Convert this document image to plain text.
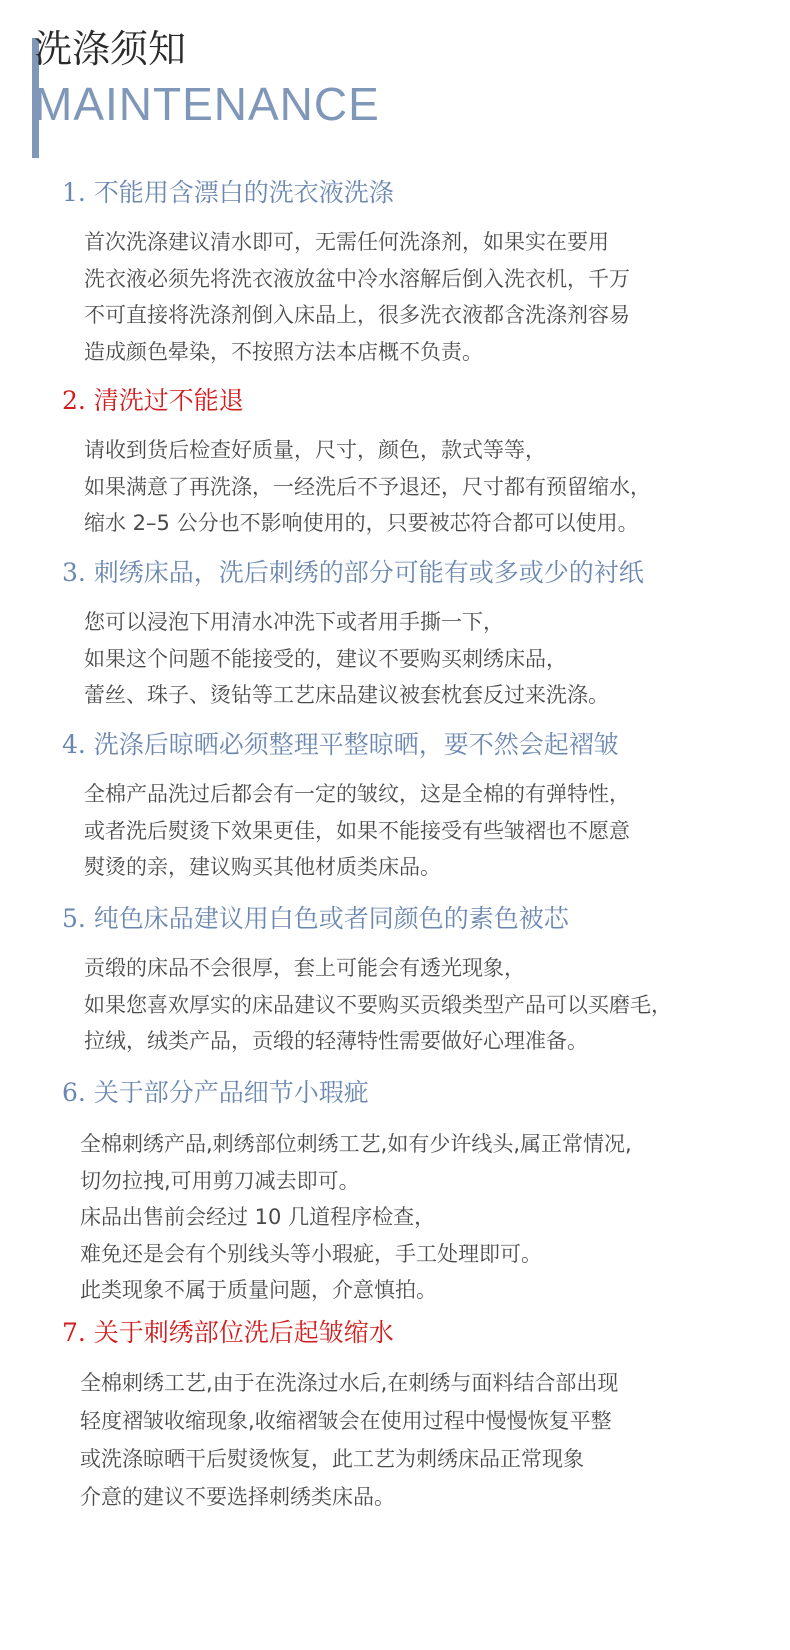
洗涤须知
MAINTENANCE
1. 不能用含漂白的洗衣液洗涤
首次洗涤建议清水即可，无需任何洗涤剂，如果实在要用
洗衣液必须先将洗衣液放盆中冷水溶解后倒入洗衣机，千万
不可直接将洗涤剂倒入床品上，很多洗衣液都含洗涤剂容易
造成颜色晕染，不按照方法本店概不负责。
2. 清洗过不能退
请收到货后检查好质量，尺寸，颜色，款式等等，
如果满意了再洗涤，一经洗后不予退还，尺寸都有预留缩水，
缩水 2–5 公分也不影响使用的，只要被芯符合都可以使用。
3. 刺绣床品，洗后刺绣的部分可能有或多或少的衬纸
您可以浸泡下用清水冲洗下或者用手撕一下，
如果这个问题不能接受的，建议不要购买刺绣床品，
蕾丝、珠子、烫钻等工艺床品建议被套枕套反过来洗涤。
4. 洗涤后晾晒必须整理平整晾晒，要不然会起褶皱
全棉产品洗过后都会有一定的皱纹，这是全棉的有弹特性，
或者洗后熨烫下效果更佳，如果不能接受有些皱褶也不愿意
熨烫的亲，建议购买其他材质类床品。
5. 纯色床品建议用白色或者同颜色的素色被芯
贡缎的床品不会很厚，套上可能会有透光现象，
如果您喜欢厚实的床品建议不要购买贡缎类型产品可以买磨毛，
拉绒，绒类产品，贡缎的轻薄特性需要做好心理准备。
6. 关于部分产品细节小瑕疵
全棉刺绣产品,刺绣部位刺绣工艺,如有少许线头,属正常情况,
切勿拉拽,可用剪刀减去即可。
床品出售前会经过 10 几道程序检查，
难免还是会有个别线头等小瑕疵，手工处理即可。
此类现象不属于质量问题，介意慎拍。
7. 关于刺绣部位洗后起皱缩水
全棉刺绣工艺,由于在洗涤过水后,在刺绣与面料结合部出现
轻度褶皱收缩现象,收缩褶皱会在使用过程中慢慢恢复平整
或洗涤晾晒干后熨烫恢复，此工艺为刺绣床品正常现象
介意的建议不要选择刺绣类床品。
